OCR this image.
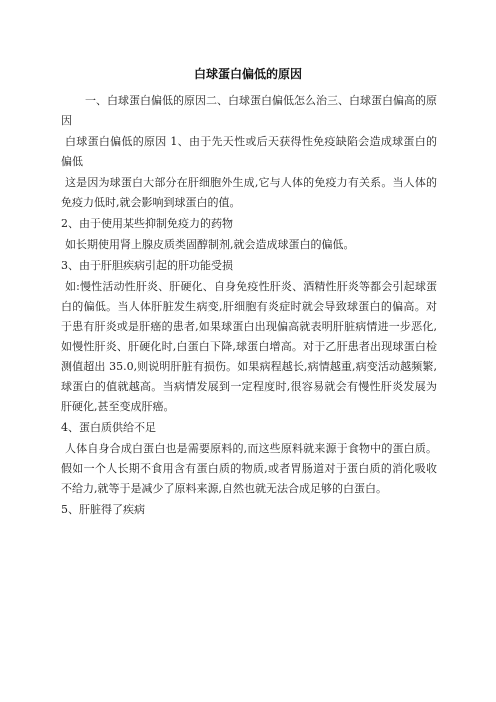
白球蛋白偏低的原因

一、白球蛋白偏低的原因二、白球蛋白偏低怎么治三、白球蛋白偏高的原因

白球蛋白偏低的原因 1、由于先天性或后天获得性免疫缺陷会造成球蛋白的偏低

这是因为球蛋白大部分在肝细胞外生成,它与人体的免疫力有关系。当人体的免疫力低时,就会影响到球蛋白的值。

2、由于使用某些抑制免疫力的药物

如长期使用肾上腺皮质类固醇制剂,就会造成球蛋白的偏低。

3、由于肝胆疾病引起的肝功能受损

如:慢性活动性肝炎、肝硬化、自身免疫性肝炎、酒精性肝炎等都会引起球蛋白的偏低。当人体肝脏发生病变,肝细胞有炎症时就会导致球蛋白的偏高。对于患有肝炎或是肝癌的患者,如果球蛋白出现偏高就表明肝脏病情进一步恶化,如慢性肝炎、肝硬化时,白蛋白下降,球蛋白增高。对于乙肝患者出现球蛋白检测值超出 35.0,则说明肝脏有损伤。如果病程越长,病情越重,病变活动越频繁,球蛋白的值就越高。当病情发展到一定程度时,很容易就会有慢性肝炎发展为肝硬化,甚至变成肝癌。

4、蛋白质供给不足

人体自身合成白蛋白也是需要原料的,而这些原料就来源于食物中的蛋白质。假如一个人长期不食用含有蛋白质的物质,或者胃肠道对于蛋白质的消化吸收不给力,就等于是减少了原料来源,自然也就无法合成足够的白蛋白。

5、肝脏得了疾病
